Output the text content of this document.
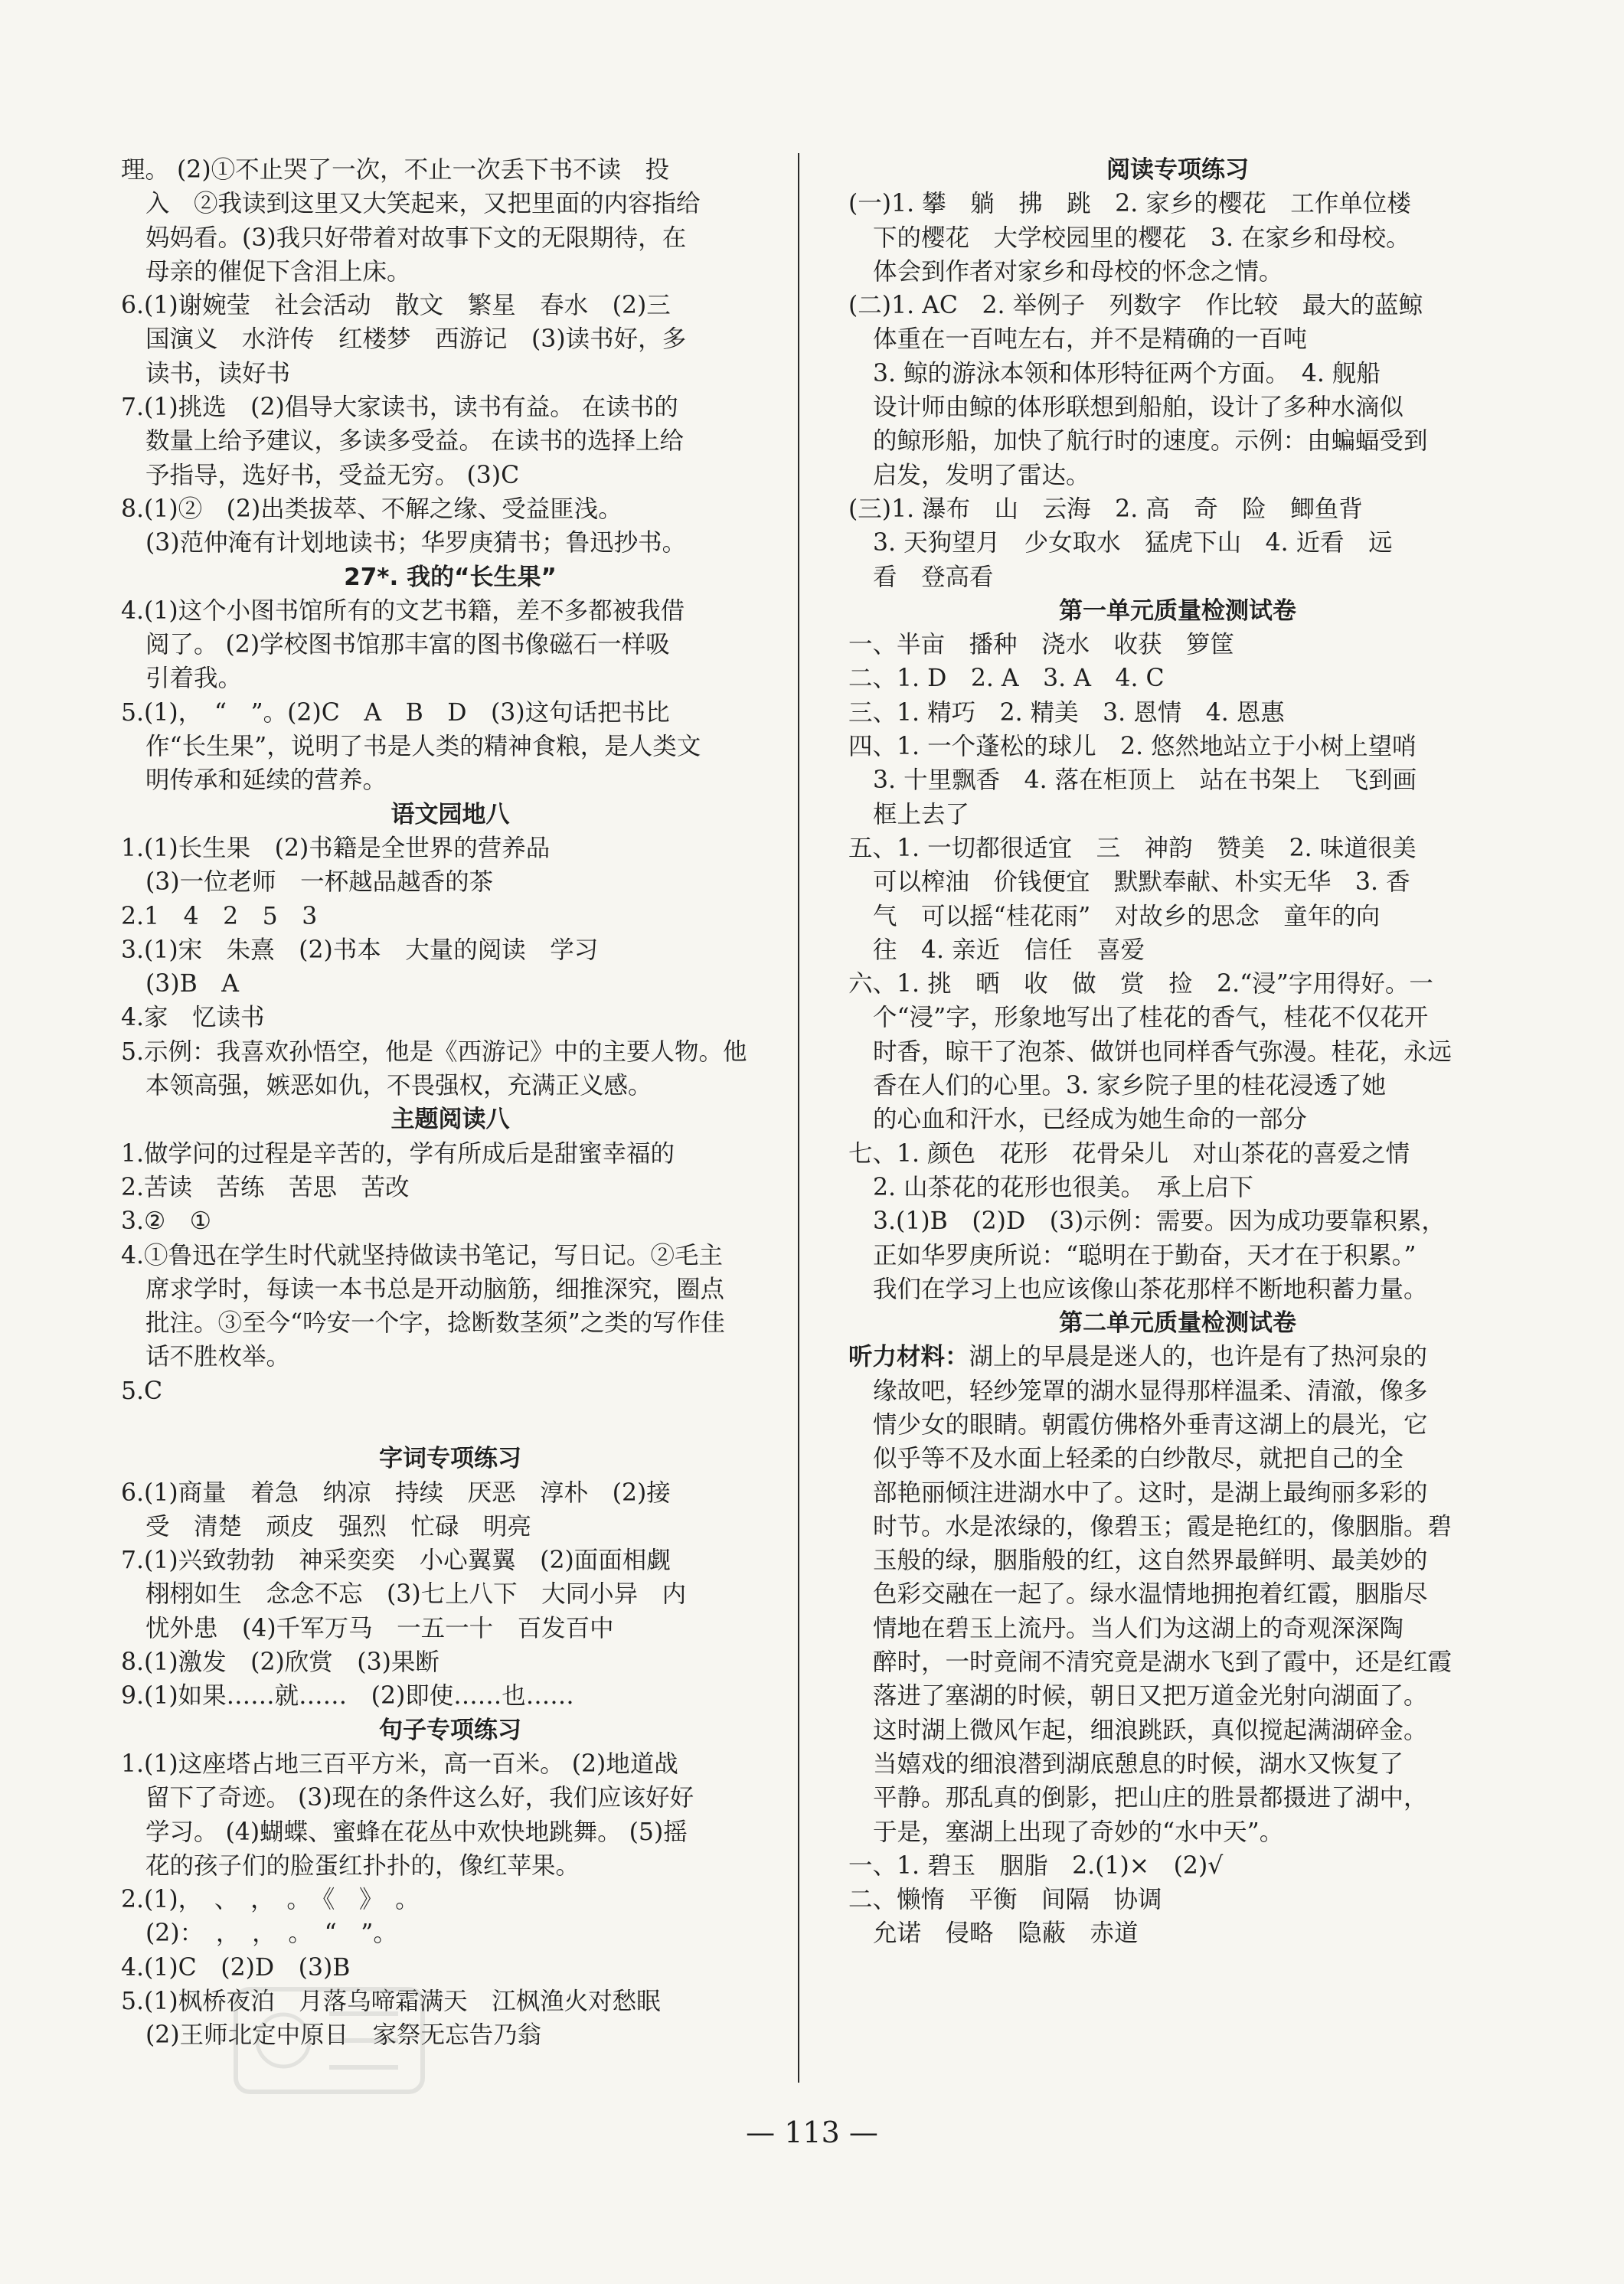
理。 (2)①不止哭了一次，不止一次丢下书不读　投
入　②我读到这里又大笑起来，又把里面的内容指给
妈妈看。(3)我只好带着对故事下文的无限期待，在
母亲的催促下含泪上床。
6.(1)谢婉莹　社会活动　散文　繁星　春水　(2)三
国演义　水浒传　红楼梦　西游记　(3)读书好，多
读书，读好书
7.(1)挑选　(2)倡导大家读书，读书有益。 在读书的
数量上给予建议，多读多受益。 在读书的选择上给
予指导，选好书，受益无穷。 (3)C
8.(1)②　(2)出类拔萃、不解之缘、受益匪浅。
(3)范仲淹有计划地读书；华罗庚猜书；鲁迅抄书。
27*. 我的“长生果”
4.(1)这个小图书馆所有的文艺书籍，差不多都被我借
阅了。 (2)学校图书馆那丰富的图书像磁石一样吸
引着我。
5.(1)，　“　”。(2)C　A　B　D　(3)这句话把书比
作“长生果”，说明了书是人类的精神食粮，是人类文
明传承和延续的营养。
语文园地八
1.(1)长生果　(2)书籍是全世界的营养品
(3)一位老师　一杯越品越香的茶
2.1　4　2　5　3
3.(1)宋　朱熹　(2)书本　大量的阅读　学习
(3)B　A
4.家　忆读书
5.示例：我喜欢孙悟空，他是《西游记》中的主要人物。他
本领高强，嫉恶如仇，不畏强权，充满正义感。
主题阅读八
1.做学问的过程是辛苦的，学有所成后是甜蜜幸福的
2.苦读　苦练　苦思　苦改
3.②　①
4.①鲁迅在学生时代就坚持做读书笔记，写日记。②毛主
席求学时，每读一本书总是开动脑筋，细推深究，圈点
批注。③至今“吟安一个字，捻断数茎须”之类的写作佳
话不胜枚举。
5.C

字词专项练习
6.(1)商量　着急　纳凉　持续　厌恶　淳朴　(2)接
受　清楚　顽皮　强烈　忙碌　明亮
7.(1)兴致勃勃　神采奕奕　小心翼翼　(2)面面相觑
栩栩如生　念念不忘　(3)七上八下　大同小异　内
忧外患　(4)千军万马　一五一十　百发百中
8.(1)激发　(2)欣赏　(3)果断
9.(1)如果……就……　(2)即使……也……
句子专项练习
1.(1)这座塔占地三百平方米，高一百米。 (2)地道战
留下了奇迹。 (3)现在的条件这么好，我们应该好好
学习。 (4)蝴蝶、蜜蜂在花丛中欢快地跳舞。 (5)摇
花的孩子们的脸蛋红扑扑的，像红苹果。
2.(1)，　、　，　。　《　》　。
(2)：　，　，　。　“　”。
4.(1)C　(2)D　(3)B
5.(1)枫桥夜泊　月落乌啼霜满天　江枫渔火对愁眠
(2)王师北定中原日　家祭无忘告乃翁
阅读专项练习
(一)1. 攀　躺　拂　跳　2. 家乡的樱花　工作单位楼
下的樱花　大学校园里的樱花　3. 在家乡和母校。
体会到作者对家乡和母校的怀念之情。
(二)1. AC　2. 举例子　列数字　作比较　最大的蓝鲸
体重在一百吨左右，并不是精确的一百吨
3. 鲸的游泳本领和体形特征两个方面。　4. 舰船
设计师由鲸的体形联想到船舶，设计了多种水滴似
的鲸形船，加快了航行时的速度。示例：由蝙蝠受到
启发，发明了雷达。
(三)1. 瀑布　山　云海　2. 高　奇　险　鲫鱼背
3. 天狗望月　少女取水　猛虎下山　4. 近看　远
看　登高看
第一单元质量检测试卷
一、半亩　播种　浇水　收获　箩筐
二、1. D　2. A　3. A　4. C
三、1. 精巧　2. 精美　3. 恩情　4. 恩惠
四、1. 一个蓬松的球儿　2. 悠然地站立于小树上望哨
3. 十里飘香　4. 落在柜顶上　站在书架上　飞到画
框上去了
五、1. 一切都很适宜　三　神韵　赞美　2. 味道很美
可以榨油　价钱便宜　默默奉献、朴实无华　3. 香
气　可以摇“桂花雨”　对故乡的思念　童年的向
往　4. 亲近　信任　喜爱
六、1. 挑　晒　收　做　赏　捡　2.“浸”字用得好。一
个“浸”字，形象地写出了桂花的香气，桂花不仅花开
时香，晾干了泡茶、做饼也同样香气弥漫。桂花，永远
香在人们的心里。3. 家乡院子里的桂花浸透了她
的心血和汗水，已经成为她生命的一部分
七、1. 颜色　花形　花骨朵儿　对山茶花的喜爱之情
2. 山茶花的花形也很美。　承上启下
3.(1)B　(2)D　(3)示例：需要。因为成功要靠积累，
正如华罗庚所说：“聪明在于勤奋，天才在于积累。”
我们在学习上也应该像山茶花那样不断地积蓄力量。
第二单元质量检测试卷
听力材料：湖上的早晨是迷人的，也许是有了热河泉的
缘故吧，轻纱笼罩的湖水显得那样温柔、清澈，像多
情少女的眼睛。朝霞仿佛格外垂青这湖上的晨光，它
似乎等不及水面上轻柔的白纱散尽，就把自己的全
部艳丽倾注进湖水中了。这时，是湖上最绚丽多彩的
时节。水是浓绿的，像碧玉；霞是艳红的，像胭脂。碧
玉般的绿，胭脂般的红，这自然界最鲜明、最美妙的
色彩交融在一起了。绿水温情地拥抱着红霞，胭脂尽
情地在碧玉上流丹。当人们为这湖上的奇观深深陶
醉时，一时竟闹不清究竟是湖水飞到了霞中，还是红霞
落进了塞湖的时候，朝日又把万道金光射向湖面了。
这时湖上微风乍起，细浪跳跃，真似搅起满湖碎金。
当嬉戏的细浪潜到湖底憩息的时候，湖水又恢复了
平静。那乱真的倒影，把山庄的胜景都摄进了湖中，
于是，塞湖上出现了奇妙的“水中天”。
一、1. 碧玉　胭脂　2.(1)×　(2)√
二、懒惰　平衡　间隔　协调
允诺　侵略　隐蔽　赤道
— 113 —
